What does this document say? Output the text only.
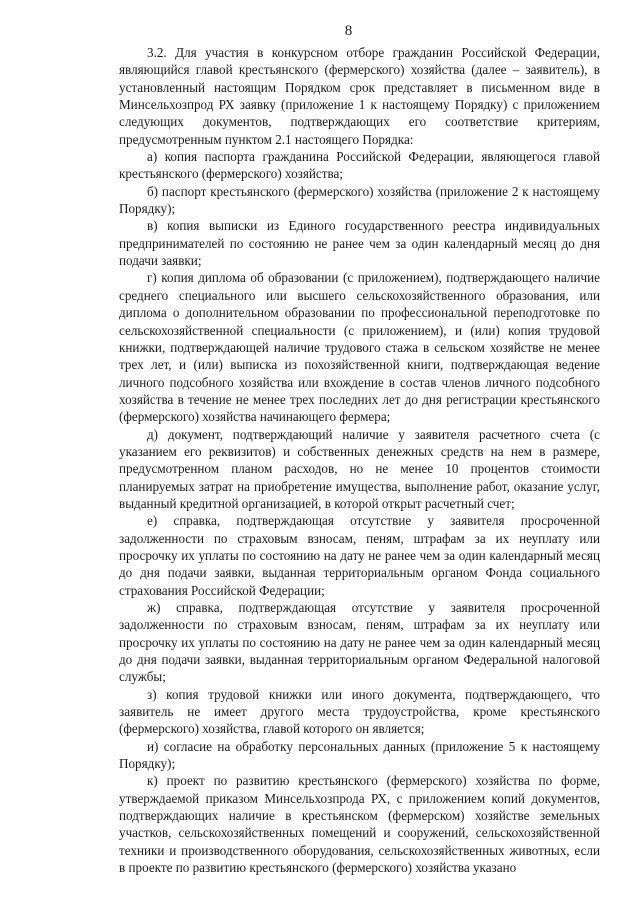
8

3.2. Для участия в конкурсном отборе гражданин Российской Федерации, являющийся главой крестьянского (фермерского) хозяйства (далее – заявитель), в установленный настоящим Порядком срок представляет в письменном виде в Минсельхозпрод РХ заявку (приложение 1 к настоящему Порядку) с приложением следующих документов, подтверждающих его соответствие критериям, предусмотренным пунктом 2.1 настоящего Порядка:

а) копия паспорта гражданина Российской Федерации, являющегося главой крестьянского (фермерского) хозяйства;

б) паспорт крестьянского (фермерского) хозяйства (приложение 2 к настоящему Порядку);

в) копия выписки из Единого государственного реестра индивидуальных предпринимателей по состоянию не ранее чем за один календарный месяц до дня подачи заявки;

г) копия диплома об образовании (с приложением), подтверждающего наличие среднего специального или высшего сельскохозяйственного образования, или диплома о дополнительном образовании по профессиональной переподготовке по сельскохозяйственной специальности (с приложением), и (или) копия трудовой книжки, подтверждающей наличие трудового стажа в сельском хозяйстве не менее трех лет, и (или) выписка из похозяйственной книги, подтверждающая ведение личного подсобного хозяйства или вхождение в состав членов личного подсобного хозяйства в течение не менее трех последних лет до дня регистрации крестьянского (фермерского) хозяйства начинающего фермера;

д) документ, подтверждающий наличие у заявителя расчетного счета (с указанием его реквизитов) и собственных денежных средств на нем в размере, предусмотренном планом расходов, но не менее 10 процентов стоимости планируемых затрат на приобретение имущества, выполнение работ, оказание услуг, выданный кредитной организацией, в которой открыт расчетный счет;

е) справка, подтверждающая отсутствие у заявителя просроченной задолженности по страховым взносам, пеням, штрафам за их неуплату или просрочку их уплаты по состоянию на дату не ранее чем за один календарный месяц до дня подачи заявки, выданная территориальным органом Фонда социального страхования Российской Федерации;

ж) справка, подтверждающая отсутствие у заявителя просроченной задолженности по страховым взносам, пеням, штрафам за их неуплату или просрочку их уплаты по состоянию на дату не ранее чем за один календарный месяц до дня подачи заявки, выданная территориальным органом Федеральной налоговой службы;

з) копия трудовой книжки или иного документа, подтверждающего, что заявитель не имеет другого места трудоустройства, кроме крестьянского (фермерского) хозяйства, главой которого он является;

и) согласие на обработку персональных данных (приложение 5 к настоящему Порядку);

к) проект по развитию крестьянского (фермерского) хозяйства по форме, утверждаемой приказом Минсельхозпрода РХ, с приложением копий документов, подтверждающих наличие в крестьянском (фермерском) хозяйстве земельных участков, сельскохозяйственных помещений и сооружений, сельскохозяйственной техники и производственного оборудования, сельскохозяйственных животных, если в проекте по развитию крестьянского (фермерского) хозяйства указано
